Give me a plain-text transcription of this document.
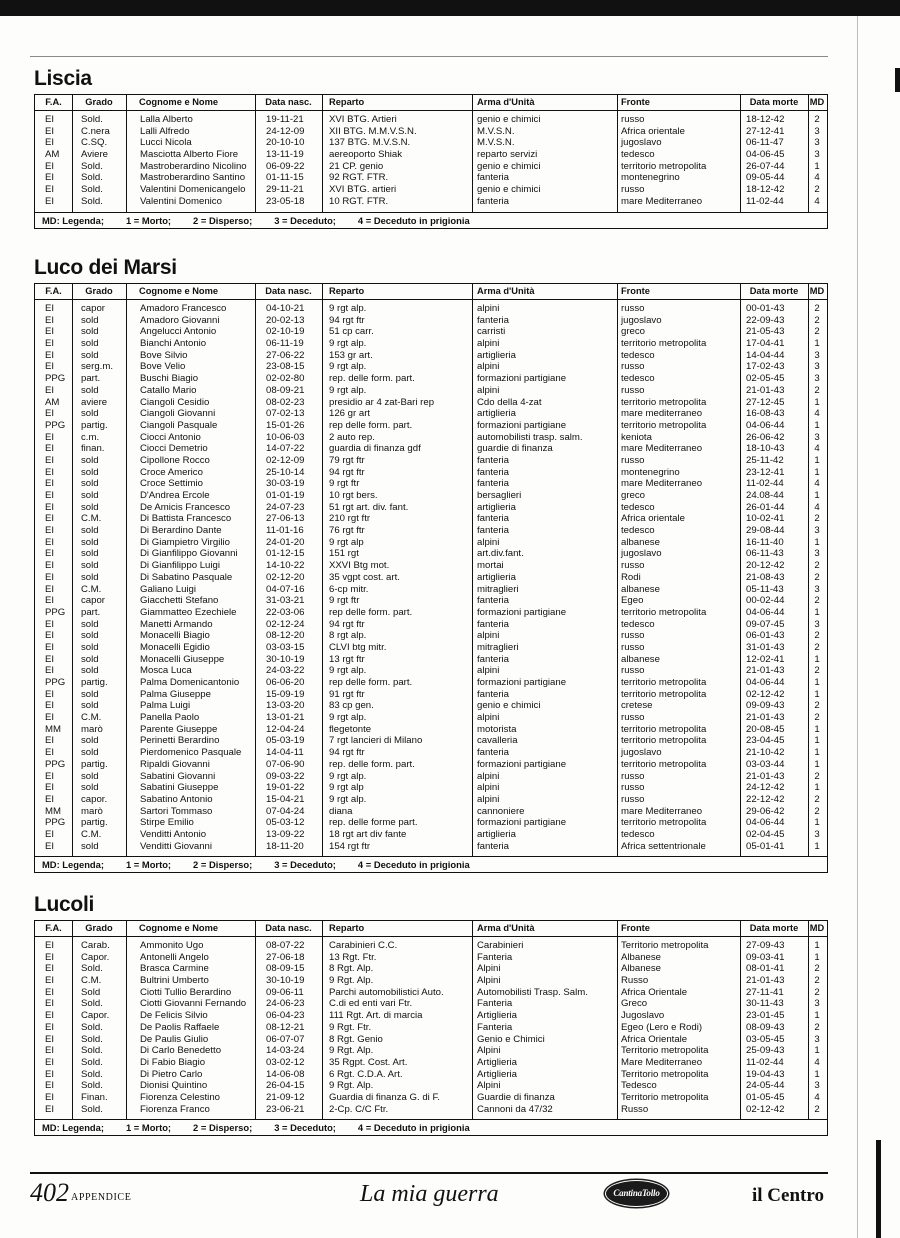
Liscia
F.A.	Grado	Cognome e Nome	Data nasc.	Reparto	Arma d'Unità	Fronte	Data morte	MD
EI	Sold.	Lalla Alberto	19-11-21	XVI BTG. Artieri	genio e chimici	russo	18-12-42	2
EI	C.nera	Lalli Alfredo	24-12-09	XII BTG. M.M.V.S.N.	M.V.S.N.	Africa orientale	27-12-41	3
EI	C.SQ.	Lucci Nicola	20-10-10	137 BTG. M.V.S.N.	M.V.S.N.	jugoslavo	06-11-47	3
AM	Aviere	Masciotta Alberto Fiore	13-11-19	aereoporto Shiak	reparto servizi	tedesco	04-06-45	3
EI	Sold.	Mastroberardino Nicolino	06-09-22	21 CP. genio	genio e chimici	territorio metropolita	26-07-44	1
EI	Sold.	Mastroberardino Santino	01-11-15	92 RGT. FTR.	fanteria	montenegrino	09-05-44	4
EI	Sold.	Valentini Domenicangelo	29-11-21	XVI BTG. artieri	genio e chimici	russo	18-12-42	2
EI	Sold.	Valentini Domenico	23-05-18	10 RGT. FTR.	fanteria	mare Mediterraneo	11-02-44	4
MD: Legenda; 1 = Morto; 2 = Disperso; 3 = Deceduto; 4 = Deceduto in prigionia
Luco dei Marsi
F.A.	Grado	Cognome e Nome	Data nasc.	Reparto	Arma d'Unità	Fronte	Data morte	MD
EI	capor	Amadoro Francesco	04-10-21	9 rgt alp.	alpini	russo	00-01-43	2
EI	sold	Amadoro Giovanni	20-02-13	94 rgt ftr	fanteria	jugoslavo	22-09-43	2
EI	sold	Angelucci Antonio	02-10-19	51 cp carr.	carristi	greco	21-05-43	2
EI	sold	Bianchi Antonio	06-11-19	9 rgt alp.	alpini	territorio metropolita	17-04-41	1
EI	sold	Bove Silvio	27-06-22	153 gr art.	artiglieria	tedesco	14-04-44	3
EI	serg.m.	Bove Velio	23-08-15	9 rgt alp.	alpini	russo	17-02-43	3
PPG	part.	Buschi Biagio	02-02-80	rep. delle form. part.	formazioni partigiane	tedesco	02-05-45	3
EI	sold	Catallo Mario	08-09-21	9 rgt alp.	alpini	russo	21-01-43	2
AM	aviere	Ciangoli Cesidio	08-02-23	presidio ar 4 zat-Bari rep	Cdo della 4-zat	territorio metropolita	27-12-45	1
EI	sold	Ciangoli Giovanni	07-02-13	126 gr art	artiglieria	mare mediterraneo	16-08-43	4
PPG	partig.	Ciangoli Pasquale	15-01-26	rep delle form. part.	formazioni partigiane	territorio metropolita	04-06-44	1
EI	c.m.	Ciocci Antonio	10-06-03	2 auto rep.	automobilisti trasp. salm.	keniota	26-06-42	3
EI	finan.	Ciocci Demetrio	14-07-22	guardia di finanza gdf	guardie di finanza	mare Mediterraneo	18-10-43	4
EI	sold	Cipollone Rocco	02-12-09	79 rgt ftr	fanteria	russo	25-11-42	1
EI	sold	Croce Americo	25-10-14	94 rgt ftr	fanteria	montenegrino	23-12-41	1
EI	sold	Croce Settimio	30-03-19	9 rgt ftr	fanteria	mare Mediterraneo	11-02-44	4
EI	sold	D'Andrea Ercole	01-01-19	10 rgt bers.	bersaglieri	greco	24.08-44	1
EI	sold	De Amicis Francesco	24-07-23	51 rgt art. div. fant.	artiglieria	tedesco	26-01-44	4
EI	C.M.	Di Battista Francesco	27-06-13	210 rgt ftr	fanteria	Africa orientale	10-02-41	2
EI	sold	Di Berardino Dante	11-01-16	76 rgt ftr	fanteria	tedesco	29-08-44	3
EI	sold	Di Giampietro Virgilio	24-01-20	9 rgt alp	alpini	albanese	16-11-40	1
EI	sold	Di Gianfilippo Giovanni	01-12-15	151 rgt	art.div.fant.	jugoslavo	06-11-43	3
EI	sold	Di Gianfilippo Luigi	14-10-22	XXVI Btg mot.	mortai	russo	20-12-42	2
EI	sold	Di Sabatino Pasquale	02-12-20	35 vgpt cost. art.	artiglieria	Rodi	21-08-43	2
EI	C.M.	Galiano Luigi	04-07-16	6-cp mitr.	mitraglieri	albanese	05-11-43	3
EI	capor	Giacchetti Stefano	31-03-21	9 rgt ftr	fanteria	Egeo	00-02-44	2
PPG	part.	Giammatteo Ezechiele	22-03-06	rep delle form. part.	formazioni partigiane	territorio metropolita	04-06-44	1
EI	sold	Manetti Armando	02-12-24	94 rgt ftr	fanteria	tedesco	09-07-45	3
EI	sold	Monacelli Biagio	08-12-20	8 rgt alp.	alpini	russo	06-01-43	2
EI	sold	Monacelli Egidio	03-03-15	CLVI btg mitr.	mitraglieri	russo	31-01-43	2
EI	sold	Monacelli Giuseppe	30-10-19	13 rgt ftr	fanteria	albanese	12-02-41	1
EI	sold	Mosca Luca	24-03-22	9 rgt alp.	alpini	russo	21-01-43	2
PPG	partig.	Palma Domenicantonio	06-06-20	rep delle form. part.	formazioni partigiane	territorio metropolita	04-06-44	1
EI	sold	Palma Giuseppe	15-09-19	91 rgt ftr	fanteria	territorio metropolita	02-12-42	1
EI	sold	Palma Luigi	13-03-20	83 cp gen.	genio e chimici	cretese	09-09-43	2
EI	C.M.	Panella Paolo	13-01-21	9 rgt alp.	alpini	russo	21-01-43	2
MM	marò	Parente Giuseppe	12-04-24	flegetonte	motorista	territorio metropolita	20-08-45	1
EI	sold	Perinetti Berardino	05-03-19	7 rgt lancieri di Milano	cavalleria	territorio metropolita	23-04-45	1
EI	sold	Pierdomenico Pasquale	14-04-11	94 rgt ftr	fanteria	jugoslavo	21-10-42	1
PPG	partig.	Ripaldi Giovanni	07-06-90	rep. delle form. part.	formazioni partigiane	territorio metropolita	03-03-44	1
EI	sold	Sabatini Giovanni	09-03-22	9 rgt alp.	alpini	russo	21-01-43	2
EI	sold	Sabatini Giuseppe	19-01-22	9 rgt alp	alpini	russo	24-12-42	1
EI	capor.	Sabatino Antonio	15-04-21	9 rgt alp.	alpini	russo	22-12-42	2
MM	marò	Sartori Tommaso	07-04-24	diana	cannoniere	mare Mediterraneo	29-06-42	2
PPG	partig.	Stirpe Emilio	05-03-12	rep. delle forme part.	formazioni partigiane	territorio metropolita	04-06-44	1
EI	C.M.	Venditti Antonio	13-09-22	18 rgt art div fante	artiglieria	tedesco	02-04-45	3
EI	sold	Venditti Giovanni	18-11-20	154 rgt ftr	fanteria	Africa settentrionale	05-01-41	1
MD: Legenda; 1 = Morto; 2 = Disperso; 3 = Deceduto; 4 = Deceduto in prigionia
Lucoli
F.A.	Grado	Cognome e Nome	Data nasc.	Reparto	Arma d'Unità	Fronte	Data morte	MD
EI	Carab.	Ammonito Ugo	08-07-22	Carabinieri C.C.	Carabinieri	Territorio metropolita	27-09-43	1
EI	Capor.	Antonelli Angelo	27-06-18	13 Rgt. Ftr.	Fanteria	Albanese	09-03-41	1
EI	Sold.	Brasca Carmine	08-09-15	8 Rgt. Alp.	Alpini	Albanese	08-01-41	2
EI	C.M.	Bultrini Umberto	30-10-19	9 Rgt. Alp.	Alpini	Russo	21-01-43	2
EI	Sold	Ciotti Tullio Berardino	09-06-11	Parchi automobilistici Auto.	Automobilisti Trasp. Salm.	Africa Orientale	27-11-41	2
EI	Sold.	Ciotti Giovanni Fernando	24-06-23	C.di ed enti vari Ftr.	Fanteria	Greco	30-11-43	3
EI	Capor.	De Felicis Silvio	06-04-23	111 Rgt. Art. di marcia	Artiglieria	Jugoslavo	23-01-45	1
EI	Sold.	De Paolis Raffaele	08-12-21	9 Rgt. Ftr.	Fanteria	Egeo (Lero e Rodi)	08-09-43	2
EI	Sold.	De Paulis Giulio	06-07-07	8 Rgt. Genio	Genio e Chimici	Africa Orientale	03-05-45	3
EI	Sold.	Di Carlo Benedetto	14-03-24	9 Rgt. Alp.	Alpini	Territorio metropolita	25-09-43	1
EI	Sold.	Di Fabio Biagio	03-02-12	35 Rgpt. Cost. Art.	Artiglieria	Mare Mediterraneo	11-02-44	4
EI	Sold.	Di Pietro Carlo	14-06-08	6 Rgt. C.D.A. Art.	Artiglieria	Territorio metropolita	19-04-43	1
EI	Sold.	Dionisi Quintino	26-04-15	9 Rgt. Alp.	Alpini	Tedesco	24-05-44	3
EI	Finan.	Fiorenza Celestino	21-09-12	Guardia di finanza G. di F.	Guardie di finanza	Territorio metropolita	01-05-45	4
EI	Sold.	Fiorenza Franco	23-06-21	2-Cp. C/C Ftr.	Cannoni da 47/32	Russo	02-12-42	2
MD: Legenda; 1 = Morto; 2 = Disperso; 3 = Deceduto; 4 = Deceduto in prigionia
402 APPENDICE	La mia guerra	CantinaTollo	il Centro
